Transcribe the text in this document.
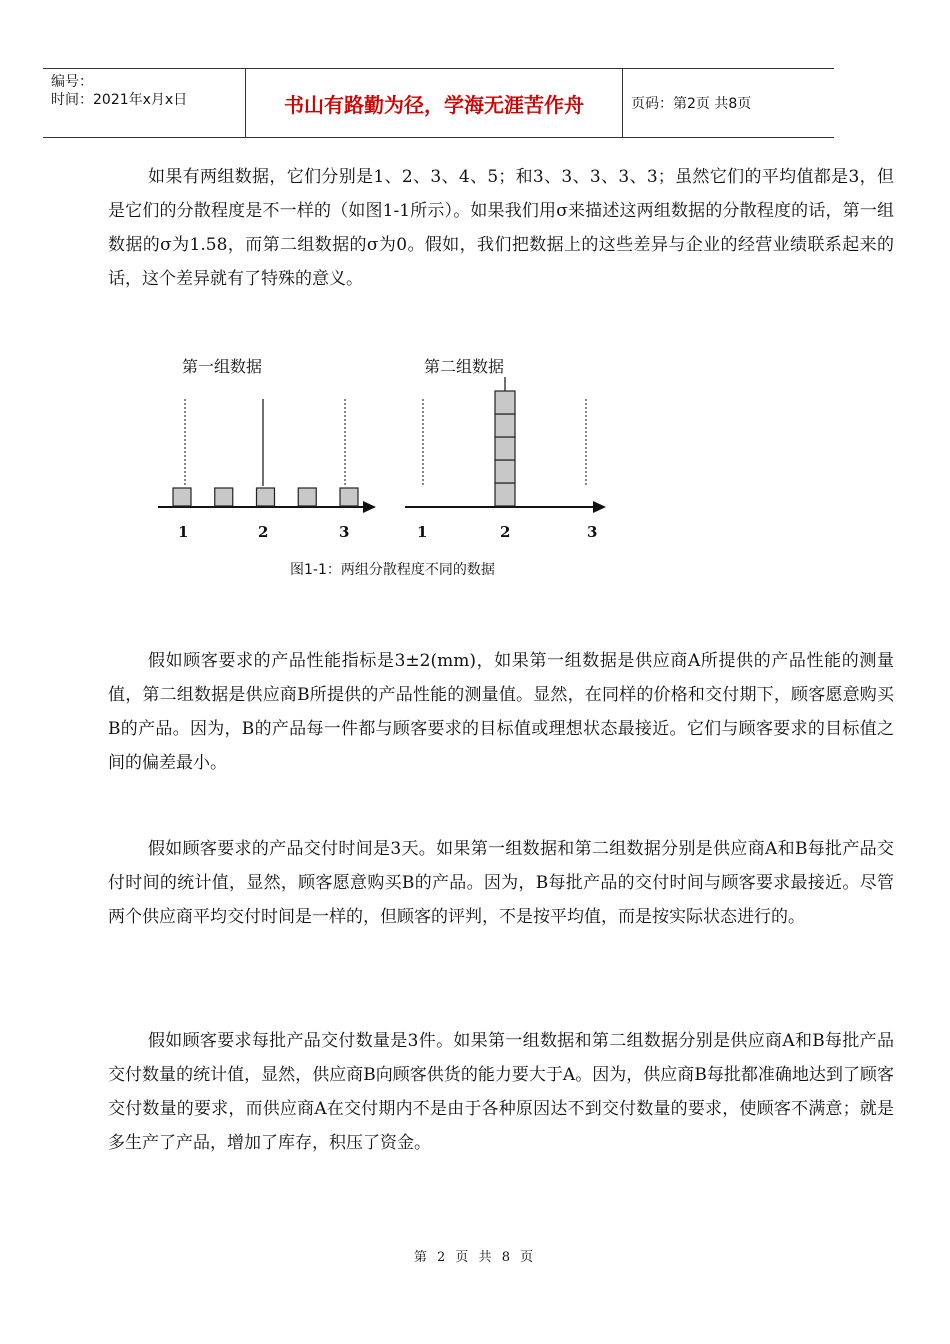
编号：
时间：2021年x月x日	书山有路勤为径，学海无涯苦作舟	页码：第2页 共8页

如果有两组数据，它们分别是1、2、3、4、5；和3、3、3、3、3；虽然它们的平均值都是3，但是它们的分散程度是不一样的（如图1-1所示）。如果我们用σ来描述这两组数据的分散程度的话，第一组数据的σ为1.58，而第二组数据的σ为0。假如，我们把数据上的这些差异与企业的经营业绩联系起来的话，这个差异就有了特殊的意义。

第一组数据
1	2	3
第二组数据
1	2	3
图1-1：两组分散程度不同的数据

假如顾客要求的产品性能指标是3±2(mm)，如果第一组数据是供应商A所提供的产品性能的测量值，第二组数据是供应商B所提供的产品性能的测量值。显然，在同样的价格和交付期下，顾客愿意购买B的产品。因为，B的产品每一件都与顾客要求的目标值或理想状态最接近。它们与顾客要求的目标值之间的偏差最小。

假如顾客要求的产品交付时间是3天。如果第一组数据和第二组数据分别是供应商A和B每批产品交付时间的统计值，显然，顾客愿意购买B的产品。因为，B每批产品的交付时间与顾客要求最接近。尽管两个供应商平均交付时间是一样的，但顾客的评判，不是按平均值，而是按实际状态进行的。

假如顾客要求每批产品交付数量是3件。如果第一组数据和第二组数据分别是供应商A和B每批产品交付数量的统计值，显然，供应商B向顾客供货的能力要大于A。因为，供应商B每批都准确地达到了顾客交付数量的要求，而供应商A在交付期内不是由于各种原因达不到交付数量的要求，使顾客不满意；就是多生产了产品，增加了库存，积压了资金。

第 2 页 共 8 页
